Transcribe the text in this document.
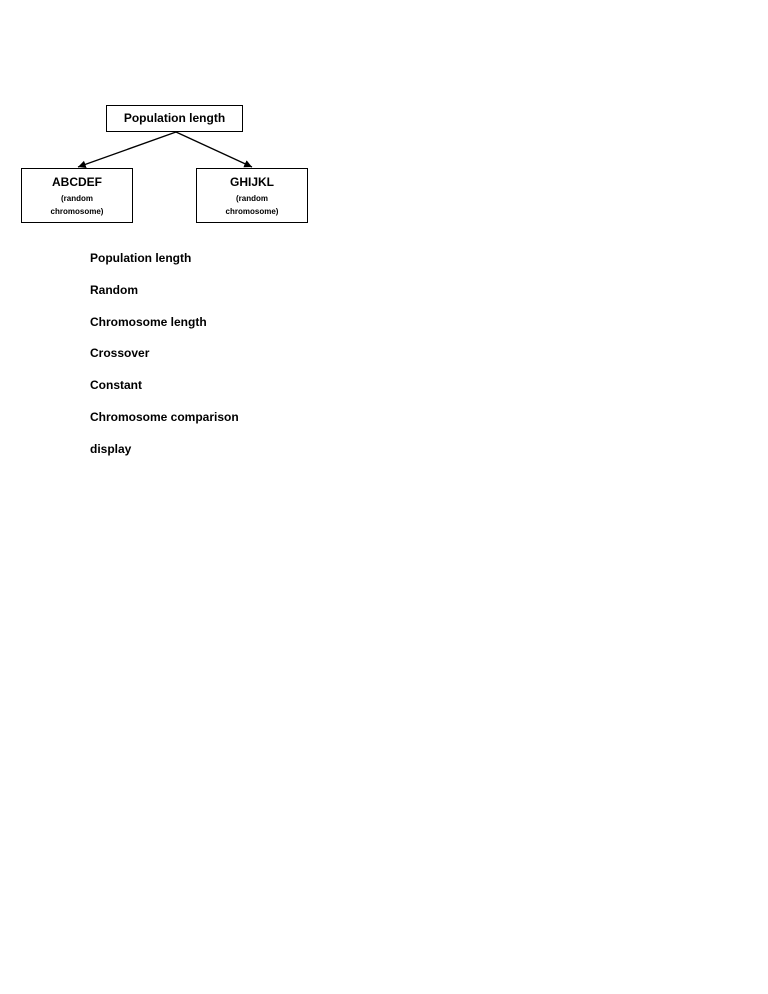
Population length
ABCDEF
(random
chromosome)
GHIJKL
(random
chromosome)
Population length
Random
Chromosome length
Crossover
Constant
Chromosome comparison
display
